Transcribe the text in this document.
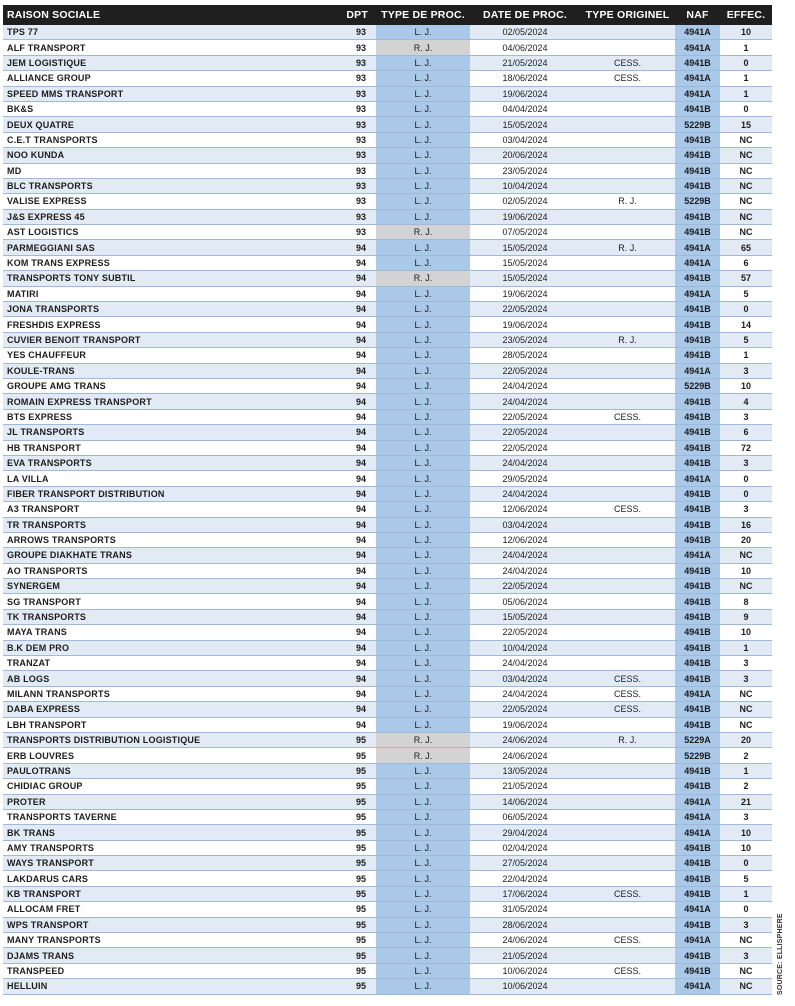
RAISON SOCIALE	DPT	TYPE DE PROC.	DATE DE PROC.	TYPE ORIGINEL	NAF	EFFEC.
TPS 77	93	L. J.	02/05/2024		4941A	10
ALF TRANSPORT	93	R. J.	04/06/2024		4941A	1
JEM LOGISTIQUE	93	L. J.	21/05/2024	CESS.	4941B	0
ALLIANCE GROUP	93	L. J.	18/06/2024	CESS.	4941A	1
SPEED MMS TRANSPORT	93	L. J.	19/06/2024		4941A	1
BK&S	93	L. J.	04/04/2024		4941B	0
DEUX QUATRE	93	L. J.	15/05/2024		5229B	15
C.E.T TRANSPORTS	93	L. J.	03/04/2024		4941B	NC
NOO KUNDA	93	L. J.	20/06/2024		4941B	NC
MD	93	L. J.	23/05/2024		4941B	NC
BLC TRANSPORTS	93	L. J.	10/04/2024		4941B	NC
VALISE EXPRESS	93	L. J.	02/05/2024	R. J.	5229B	NC
J&S EXPRESS 45	93	L. J.	19/06/2024		4941B	NC
AST LOGISTICS	93	R. J.	07/05/2024		4941B	NC
PARMEGGIANI SAS	94	L. J.	15/05/2024	R. J.	4941A	65
KOM TRANS EXPRESS	94	L. J.	15/05/2024		4941A	6
TRANSPORTS TONY SUBTIL	94	R. J.	15/05/2024		4941B	57
MATIRI	94	L. J.	19/06/2024		4941A	5
JONA TRANSPORTS	94	L. J.	22/05/2024		4941B	0
FRESHDIS EXPRESS	94	L. J.	19/06/2024		4941B	14
CUVIER BENOIT TRANSPORT	94	L. J.	23/05/2024	R. J.	4941B	5
YES CHAUFFEUR	94	L. J.	28/05/2024		4941B	1
KOULE-TRANS	94	L. J.	22/05/2024		4941A	3
GROUPE AMG TRANS	94	L. J.	24/04/2024		5229B	10
ROMAIN EXPRESS TRANSPORT	94	L. J.	24/04/2024		4941B	4
BTS EXPRESS	94	L. J.	22/05/2024	CESS.	4941B	3
JL TRANSPORTS	94	L. J.	22/05/2024		4941B	6
HB TRANSPORT	94	L. J.	22/05/2024		4941B	72
EVA TRANSPORTS	94	L. J.	24/04/2024		4941B	3
LA VILLA	94	L. J.	29/05/2024		4941A	0
FIBER TRANSPORT DISTRIBUTION	94	L. J.	24/04/2024		4941B	0
A3 TRANSPORT	94	L. J.	12/06/2024	CESS.	4941B	3
TR TRANSPORTS	94	L. J.	03/04/2024		4941B	16
ARROWS TRANSPORTS	94	L. J.	12/06/2024		4941B	20
GROUPE DIAKHATE TRANS	94	L. J.	24/04/2024		4941A	NC
AO TRANSPORTS	94	L. J.	24/04/2024		4941B	10
SYNERGEM	94	L. J.	22/05/2024		4941B	NC
SG TRANSPORT	94	L. J.	05/06/2024		4941B	8
TK TRANSPORTS	94	L. J.	15/05/2024		4941B	9
MAYA TRANS	94	L. J.	22/05/2024		4941B	10
B.K DEM PRO	94	L. J.	10/04/2024		4941B	1
TRANZAT	94	L. J.	24/04/2024		4941B	3
AB LOGS	94	L. J.	03/04/2024	CESS.	4941B	3
MILANN TRANSPORTS	94	L. J.	24/04/2024	CESS.	4941A	NC
DABA EXPRESS	94	L. J.	22/05/2024	CESS.	4941B	NC
LBH TRANSPORT	94	L. J.	19/06/2024		4941B	NC
TRANSPORTS DISTRIBUTION LOGISTIQUE	95	R. J.	24/06/2024	R. J.	5229A	20
ERB LOUVRES	95	R. J.	24/06/2024		5229B	2
PAULOTRANS	95	L. J.	13/05/2024		4941B	1
CHIDIAC GROUP	95	L. J.	21/05/2024		4941B	2
PROTER	95	L. J.	14/06/2024		4941A	21
TRANSPORTS TAVERNE	95	L. J.	06/05/2024		4941A	3
BK TRANS	95	L. J.	29/04/2024		4941A	10
AMY TRANSPORTS	95	L. J.	02/04/2024		4941B	10
WAYS TRANSPORT	95	L. J.	27/05/2024		4941B	0
LAKDARUS CARS	95	L. J.	22/04/2024		4941B	5
KB TRANSPORT	95	L. J.	17/06/2024	CESS.	4941B	1
ALLOCAM FRET	95	L. J.	31/05/2024		4941A	0
WPS TRANSPORT	95	L. J.	28/06/2024		4941B	3
MANY TRANSPORTS	95	L. J.	24/06/2024	CESS.	4941A	NC
DJAMS TRANS	95	L. J.	21/05/2024		4941B	3
TRANSPEED	95	L. J.	10/06/2024	CESS.	4941B	NC
HELLUIN	95	L. J.	10/06/2024		4941A	NC	SOURCE: ELLISPHERE
